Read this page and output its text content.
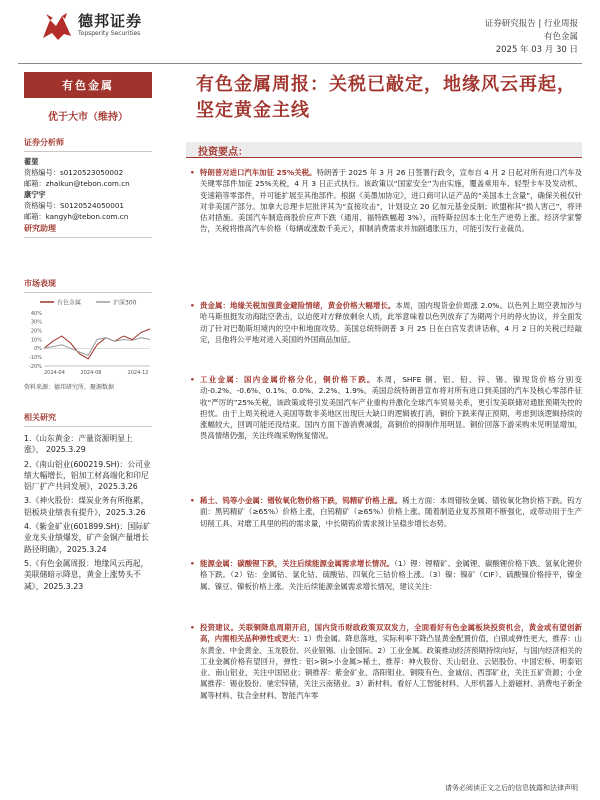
德邦证券
Topsperity Securities
证券研究报告 | 行业周报
有色金属
2025 年 03 月 30 日
有色金属
优于大市（维持）
证券分析师
翟堃
资格编号：s0120523050002
邮箱：zhaikun@tebon.com.cn
康宁宇
资格编号：S0120524050001
邮箱：kangyh@tebon.com.cn
研究助理
市场表现
有色金属	沪深300
40%
30%
20%
10%
0%
-10%
-20%
2024-04	2024-08	2024-12
资料来源：德邦研究所，聚源数据
相关研究
1.《山东黄金：产量资源明显上涨》， 2025.3.29
2.《南山铝业(600219.SH)：公司业绩大幅增长，铝加工材高端化和印尼铝厂扩产共同发展》，2025.3.26
3.《神火股份：煤炭业务有所拖累，铝板块业绩表有提升》，2025.3.26
4.《紫金矿业(601899.SH)：国际矿业龙头业绩爆发，矿产金铜产量增长路径明确》，2025.3.24
5.《有色金属周报：地缘风云再起，美联储暗示降息，黄金上涨势头不减》，2025.3.23
有色金属周报：关税已敲定，地缘风云再起，坚定黄金主线
投资要点：
• 特朗普对进口汽车加征 25%关税。特朗普于 2025 年 3 月 26 日签署行政令，宣布自 4 月 2 日起对所有进口汽车及关键零部件加征 25%关税，4 月 3 日正式执行。该政策以“国家安全”为由实施，覆盖乘用车、轻型卡车及发动机、变速箱等零部件，并可能扩展至其他部件。根据《美墨加协定》，进口商可认证产品的“美国本土含量”，确保关税仅针对非美国产部分。加拿大总理卡尼批评其为“直接攻击”，计划设立 20 亿加元基金反制；欧盟称其“损人害己”，将评估对措施。美国汽车制造商股价应声下跌（通用、福特跌幅超 3%），而特斯拉因本土化生产逆势上涨。经济学家警告，关税将推高汽车价格（每辆或涨数千美元），抑制消费需求并加剧通胀压力，可能引发行业裁员。
• 贵金属：地缘关税加强黄金避险情绪，黄金价格大幅增长。本周，国内现货金价周涨 2.0%。以色列上周空袭加沙与哈马斯扭挺发动海陆空袭击，以迫使对方释放剩余人质，此举意味着以色列放弃了为期两个月的停火协议，并全面发动了针对巴勒斯坦境内的空中和地面攻势。美国总统特朗普 3 月 25 日在白宫发表讲话称，4 月 2 日的关税已经敲定，且他将公平地对进入美国的外国商品加征。
• 工业金属：国内金属价格分化，铜价格下跌。本周，SHFE 铜、铝、铅、锌、锡、镍现货价格分别变动-0.2%、-0.6%、0.1%、0.0%、2.2%、1.9%。美国总统特朗普宣布将对所有进口到美国的汽车及核心零部件征收“严厉的”25%关税，该政策或将引发美国汽车产业重构并激化全球汽车贸易关系，更引发美联储对通胀预期失控的担忧。由于上周关税进入美国等数非美地区出现巨大缺口的逻辑被打消，铜价下跌来得正预期，考虑到该逻辑持续的涨幅较大，回调可能还没结束。国内方面下游消费减弱，高铜价的抑制作用明显。铜价回落下游采购未见明显增加，畏高情绪仍强，关注终端采购恢复情况。
• 稀土、钨等小金属：镨钕氧化物价格下跌，钨精矿价格上涨。稀土方面：本周镨钕金属、镨钕氧化物价格下跌。钨方面：黑钨精矿（≥65%）价格上涨，白钨精矿（≥65%）价格上涨。随着制造业复苏预期不断强化，或带动用于生产切削工具、对磨工具里的钨的需求量，中长期钨价需求预计呈稳步增长态势。
• 能源金属：碳酸锂下跌，关注后续能源金属需求增长情况。（1）锂：锂精矿、金属锂、碳酸锂价格下跌、氢氧化锂价格下跌。（2）钴：金属钴、氯化钴、硫酸钴、四氧化三钴价格上涨。（3）镍：镍矿（CIF）、硫酸镍价格持平，镍金属、镍豆、镍板价格上涨。关注后续能源金属需求增长情况，建议关注：
• 投资建议。关联铜降息周期开启，国内货币财政政策双双发力，全面看好有色金属板块投资机会，黄金或有望创新高，内需相关品种弹性或更大：1）贵金属。降息落地，实际利率下降凸显黄金配置价值，白银或弹性更大，推荐：山东黄金、中金黄金、玉龙股份、兴业银锡、山金国际。2）工业金属。政策推动经济预期持续向好，与国内经济相关的工业金属价格有望回升，弹性：铝>铜>小金属>稀土，推荐：神火股份、天山铝业、云铝股份、中国宏桥、明泰铝业、南山铝业，关注中国铝业；铜推荐：紫金矿业、洛阳钼业、铜陵有色、金诚信、西部矿业，关注五矿资源；小金属推荐：锡业股份、驰宏锌锗，关注云南锗业。3）新材料。看好人工智能材料、人形机器人上游磁材、消费电子新金属等材料、钛合金材料、智能汽车零
请务必阅读正文之后的信息披露和法律声明
